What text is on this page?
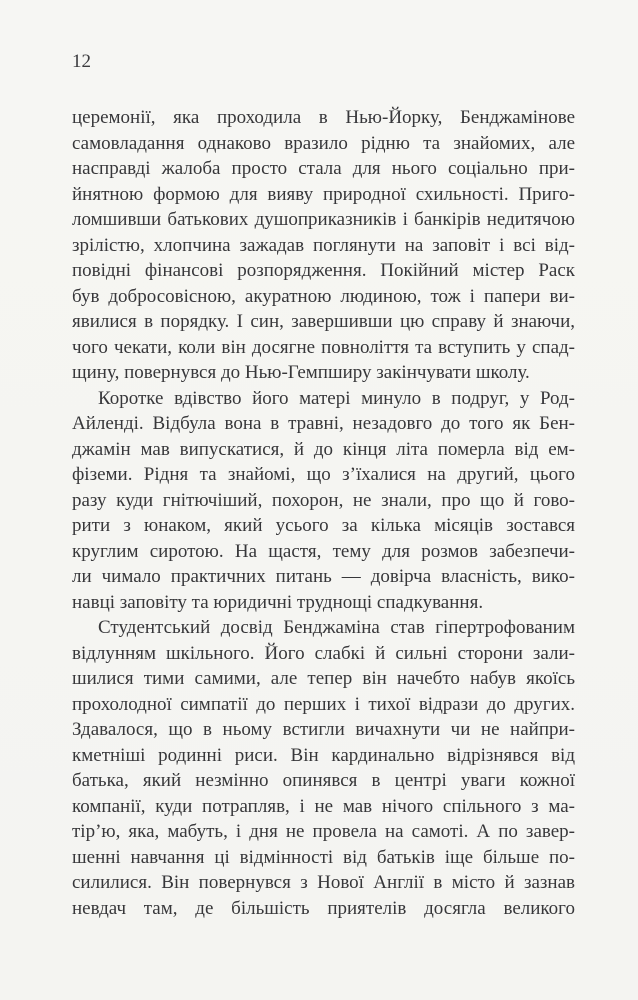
12
церемонії, яка проходила в Нью-Йорку, Бенджамінове
самовладання однаково вразило рідню та знайомих, але
насправді жалоба просто стала для нього соціально при-
йнятною формою для вияву природної схильності. Приго-
ломшивши батькових душоприказників і банкірів недитячою
зрілістю, хлопчина зажадав поглянути на заповіт і всі від-
повідні фінансові розпорядження. Покійний містер Раск
був добросовісною, акуратною людиною, тож і папери ви-
явилися в порядку. І син, завершивши цю справу й знаючи,
чого чекати, коли він досягне повноліття та вступить у спад-
щину, повернувся до Нью-Гемпширу закінчувати школу.
Коротке вдівство його матері минуло в подруг, у Род-
Айленді. Відбула вона в травні, незадовго до того як Бен-
джамін мав випускатися, й до кінця літа померла від ем-
фіземи. Рідня та знайомі, що з’їхалися на другий, цього
разу куди гнітючіший, похорон, не знали, про що й гово-
рити з юнаком, який усього за кілька місяців зостався
круглим сиротою. На щастя, тему для розмов забезпечи-
ли чимало практичних питань — довірча власність, вико-
навці заповіту та юридичні труднощі спадкування.
Студентський досвід Бенджаміна став гіпертрофованим
відлунням шкільного. Його слабкі й сильні сторони зали-
шилися тими самими, але тепер він начебто набув якоїсь
прохолодної симпатії до перших і тихої відрази до других.
Здавалося, що в ньому встигли вичахнути чи не найпри-
кметніші родинні риси. Він кардинально відрізнявся від
батька, який незмінно опинявся в центрі уваги кожної
компанії, куди потрапляв, і не мав нічого спільного з ма-
тір’ю, яка, мабуть, і дня не провела на самоті. А по завер-
шенні навчання ці відмінності від батьків іще більше по-
силилися. Він повернувся з Нової Англії в місто й зазнав
невдач там, де більшість приятелів досягла великого
